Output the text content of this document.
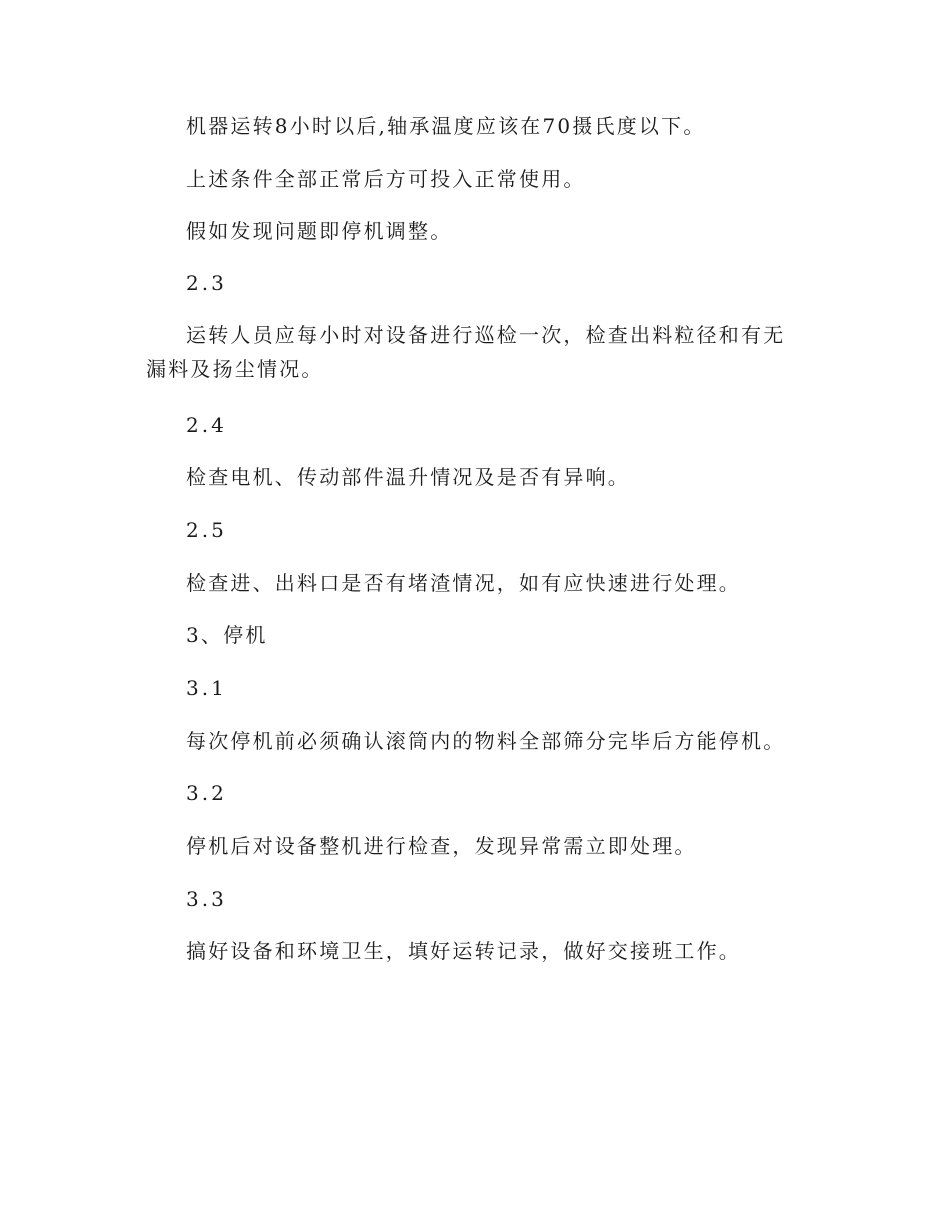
机器运转8小时以后,轴承温度应该在70摄氏度以下。

上述条件全部正常后方可投入正常使用。

假如发现问题即停机调整。

2.3

运转人员应每小时对设备进行巡检一次，检查出料粒径和有无漏料及扬尘情况。

2.4

检查电机、传动部件温升情况及是否有异响。

2.5

检查进、出料口是否有堵渣情况，如有应快速进行处理。

3、停机

3.1

每次停机前必须确认滚筒内的物料全部筛分完毕后方能停机。

3.2

停机后对设备整机进行检查，发现异常需立即处理。

3.3

搞好设备和环境卫生，填好运转记录，做好交接班工作。
